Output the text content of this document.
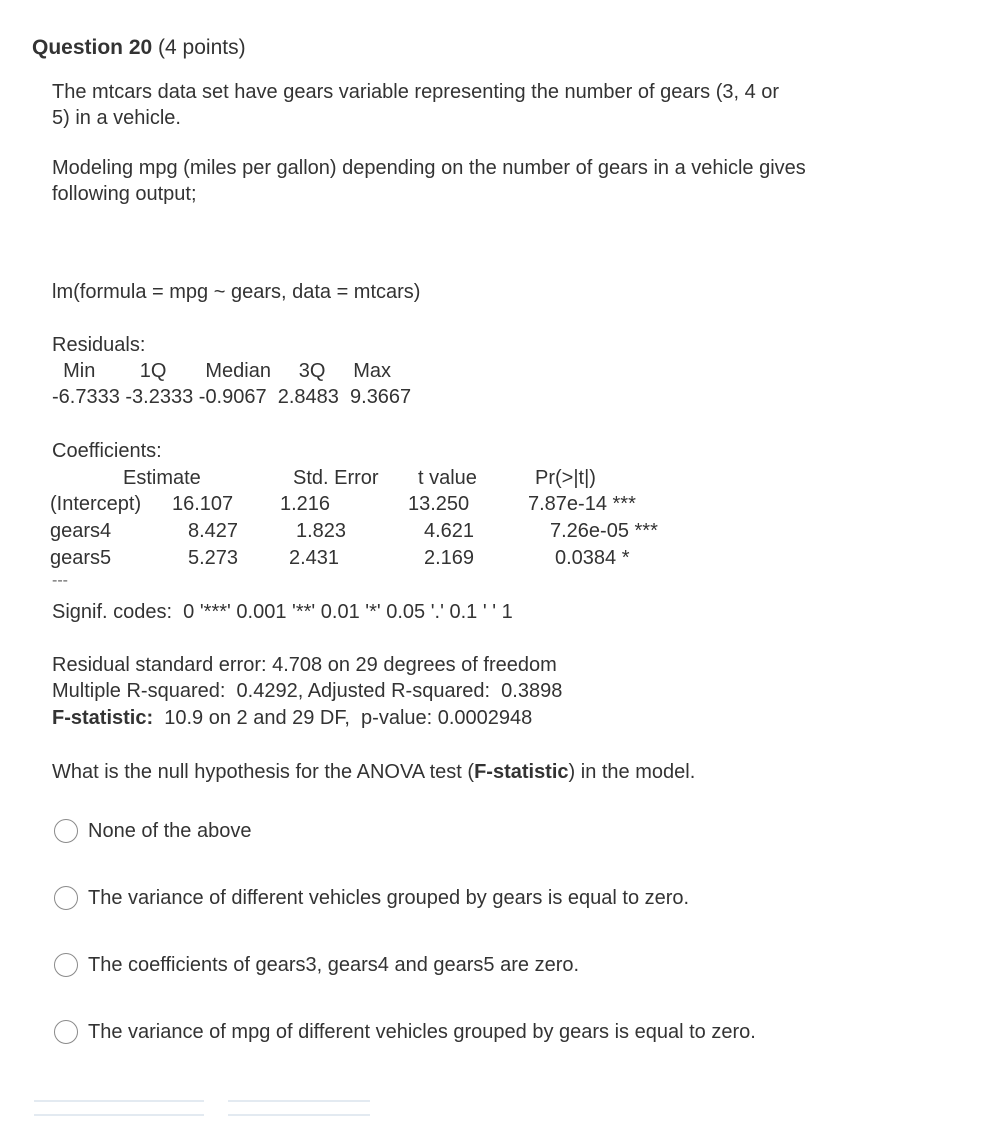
Question 20 (4 points)
The mtcars data set have gears variable representing the number of gears (3, 4 or
5) in a vehicle.
Modeling mpg (miles per gallon) depending on the number of gears in a vehicle gives
following output;
lm(formula = mpg ~ gears, data = mtcars)
Residuals:
Min        1Q       Median     3Q     Max
-6.7333 -3.2333 -0.9067  2.8483  9.3667
Coefficients:
Estimate	Std. Error t value	Pr(>|t|)
(Intercept) 16.107 1.216	13.250	7.87e-14 ***
gears4	8.427	1.823	4.621	7.26e-05 ***
gears5	5.273	2.431	2.169	0.0384 *
---
Signif. codes:  0 '***' 0.001 '**' 0.01 '*' 0.05 '.' 0.1 ' ' 1
Residual standard error: 4.708 on 29 degrees of freedom
Multiple R-squared:  0.4292, Adjusted R-squared:  0.3898
F-statistic:  10.9 on 2 and 29 DF,  p-value: 0.0002948
What is the null hypothesis for the ANOVA test (F-statistic) in the model.
None of the above
The variance of different vehicles grouped by gears is equal to zero.
The coefficients of gears3, gears4 and gears5 are zero.
The variance of mpg of different vehicles grouped by gears is equal to zero.
